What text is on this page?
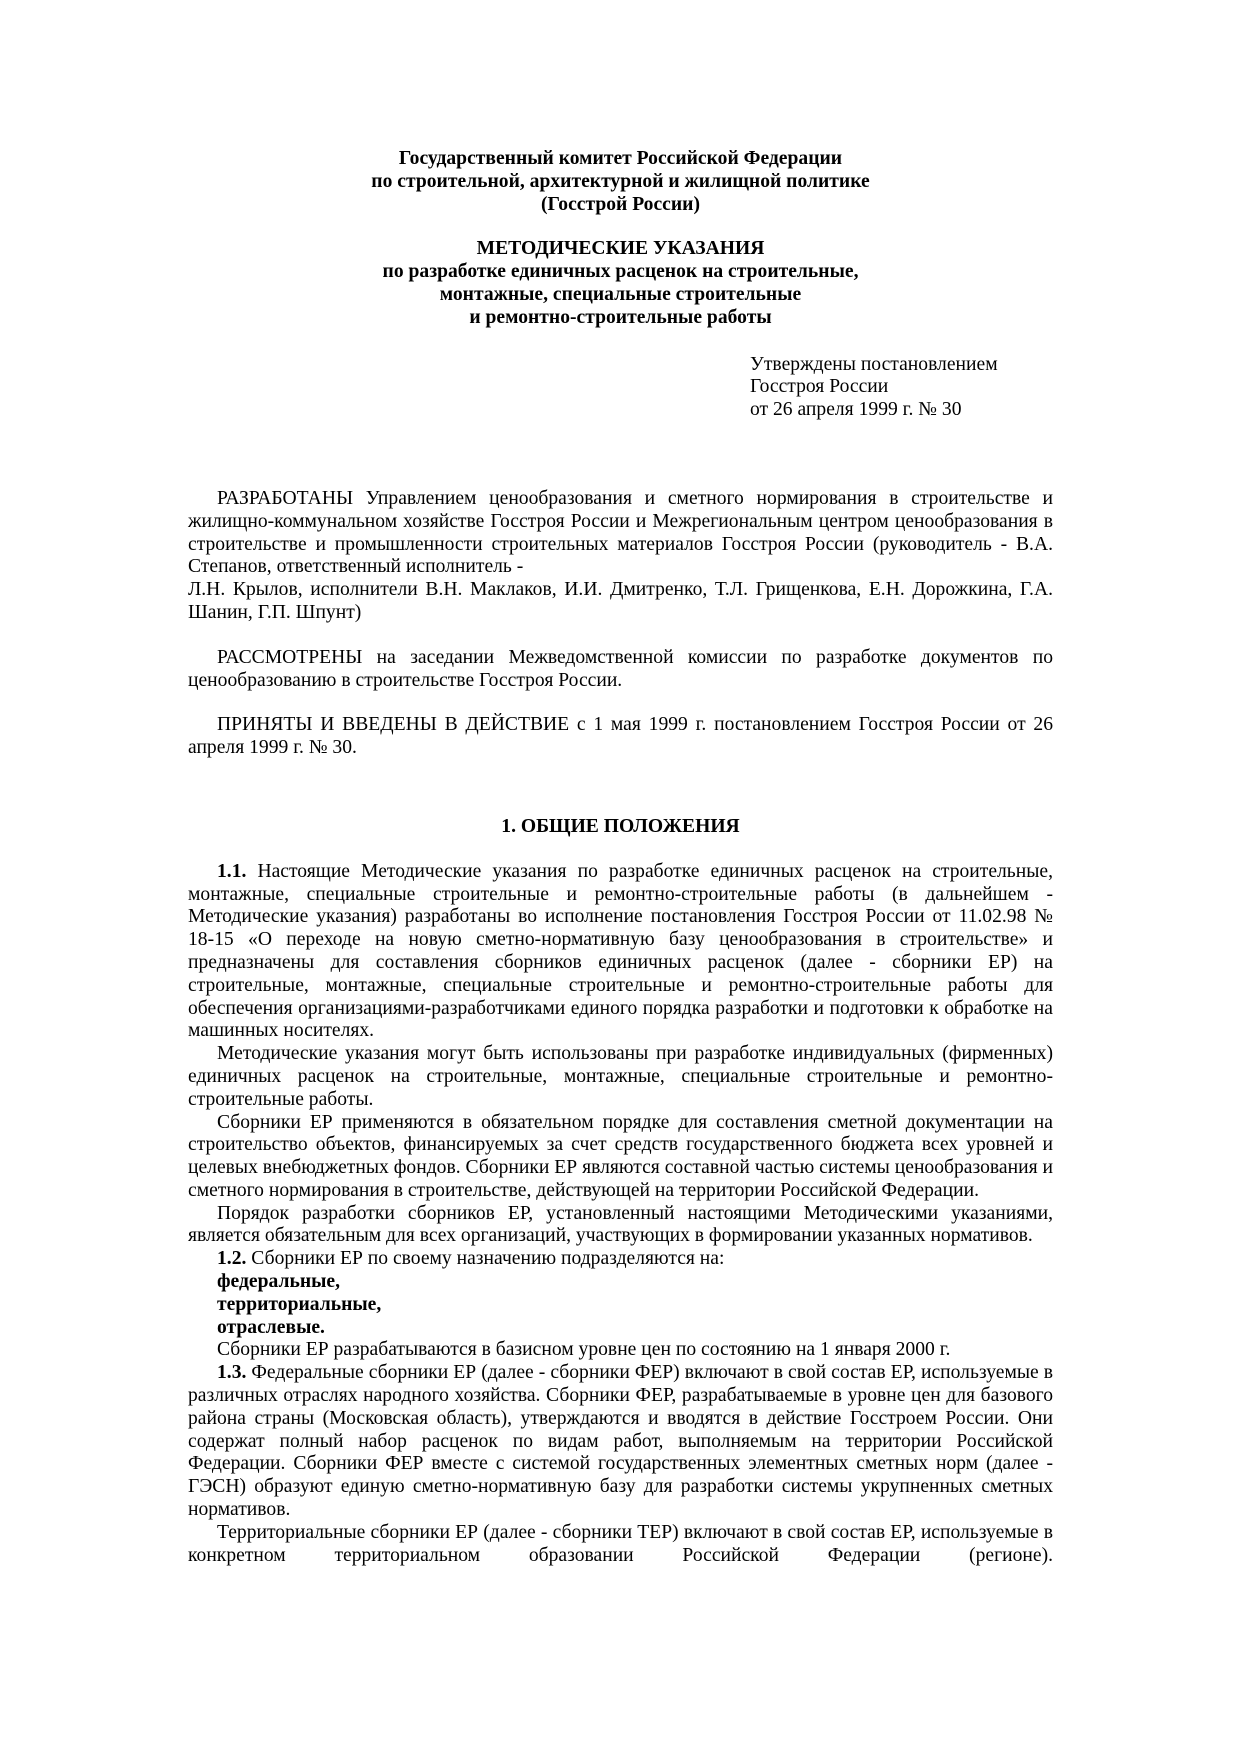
Государственный комитет Российской Федерации
по строительной, архитектурной и жилищной политике
(Госстрой России)
МЕТОДИЧЕСКИЕ УКАЗАНИЯ
по разработке единичных расценок на строительные,
монтажные, специальные строительные
и ремонтно-строительные работы
Утверждены постановлением
Госстроя России
от 26 апреля 1999 г. № 30

РАЗРАБОТАНЫ Управлением ценообразования и сметного нормирования в строительстве и жилищно-коммунальном хозяйстве Госстроя России и Межрегиональным центром ценообразования в строительстве и промышленности строительных материалов Госстроя России (руководитель - В.А. Степанов, ответственный исполнитель -

Л.Н. Крылов, исполнители В.Н. Маклаков, И.И. Дмитренко, Т.Л. Грищенкова, Е.Н. Дорожкина, Г.А. Шанин, Г.П. Шпунт)

РАССМОТРЕНЫ на заседании Межведомственной комиссии по разработке документов по ценообразованию в строительстве Госстроя России.

ПРИНЯТЫ И ВВЕДЕНЫ В ДЕЙСТВИЕ с 1 мая 1999 г. постановлением Госстроя России от 26 апреля 1999 г. № 30.

1. ОБЩИЕ ПОЛОЖЕНИЯ

1.1. Настоящие Методические указания по разработке единичных расценок на строительные, монтажные, специальные строительные и ремонтно-строительные работы (в дальнейшем - Методические указания) разработаны во исполнение постановления Госстроя России от 11.02.98 № 18-15 «О переходе на новую сметно-нормативную базу ценообразования в строительстве» и предназначены для составления сборников единичных расценок (далее - сборники ЕР) на строительные, монтажные, специальные строительные и ремонтно-строительные работы для обеспечения организациями-разработчиками единого порядка разработки и подготовки к обработке на машинных носителях.

Методические указания могут быть использованы при разработке индивидуальных (фирменных) единичных расценок на строительные, монтажные, специальные строительные и ремонтно-строительные работы.

Сборники ЕР применяются в обязательном порядке для составления сметной документации на строительство объектов, финансируемых за счет средств государственного бюджета всех уровней и целевых внебюджетных фондов. Сборники ЕР являются составной частью системы ценообразования и сметного нормирования в строительстве, действующей на территории Российской Федерации.

Порядок разработки сборников ЕР, установленный настоящими Методическими указаниями, является обязательным для всех организаций, участвующих в формировании указанных нормативов.

1.2. Сборники ЕР по своему назначению подразделяются на:

федеральные,

территориальные,

отраслевые.

Сборники ЕР разрабатываются в базисном уровне цен по состоянию на 1 января 2000 г.

1.3. Федеральные сборники ЕР (далее - сборники ФЕР) включают в свой состав ЕР, используемые в различных отраслях народного хозяйства. Сборники ФЕР, разрабатываемые в уровне цен для базового района страны (Московская область), утверждаются и вводятся в действие Госстроем России. Они содержат полный набор расценок по видам работ, выполняемым на территории Российской Федерации. Сборники ФЕР вместе с системой государственных элементных сметных норм (далее - ГЭСН) образуют единую сметно-нормативную базу для разработки системы укрупненных сметных нормативов.

Территориальные сборники ЕР (далее - сборники ТЕР) включают в свой состав ЕР, используемые в конкретном территориальном образовании Российской Федерации (регионе).
